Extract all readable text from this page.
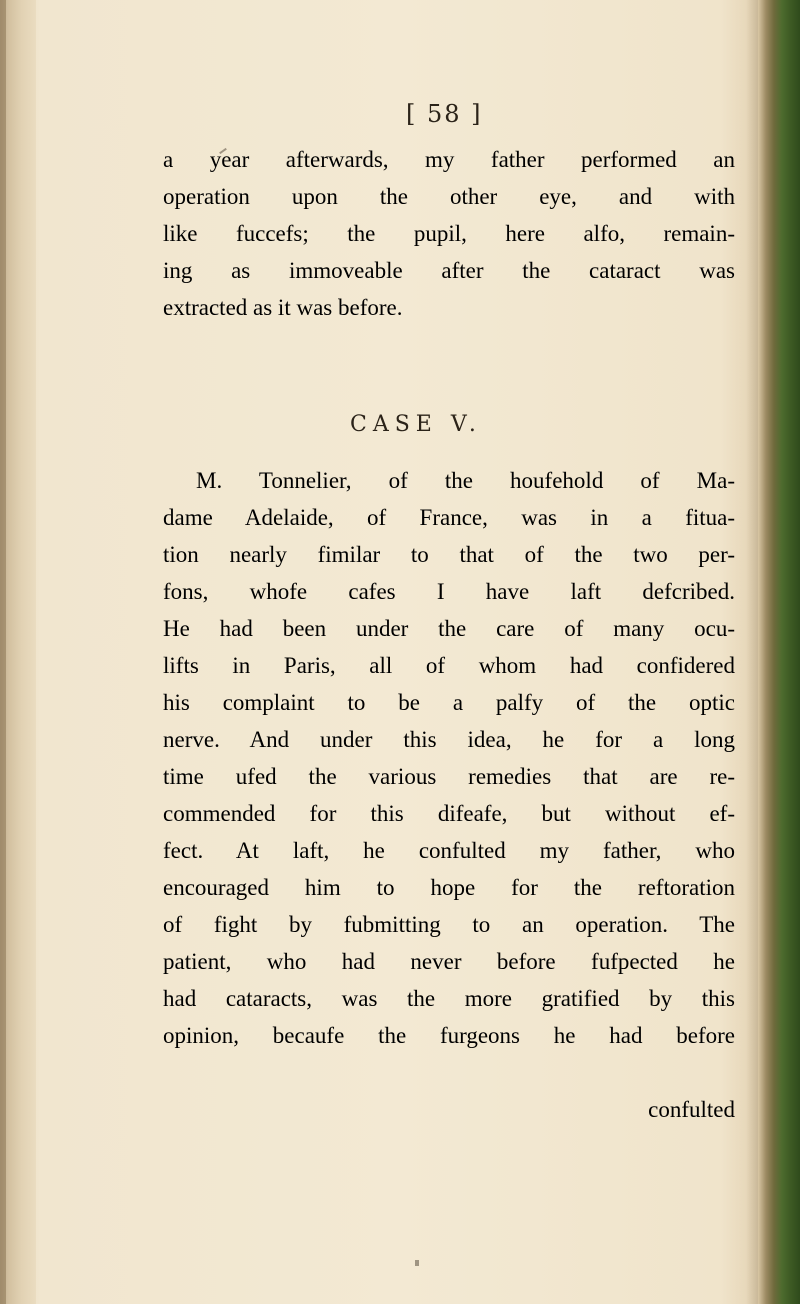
[ 58 ]
a year afterwards, my father performed an
operation upon the other eye, and with
like fuccefs; the pupil, here alfo, remain-
ing as immoveable after the cataract was
extracted as it was before.
CASE V.
M. Tonnelier, of the houfehold of Ma-
dame Adelaide, of France, was in a fitua-
tion nearly fimilar to that of the two per-
fons, whofe cafes I have laft defcribed.
He had been under the care of many ocu-
lifts in Paris, all of whom had confidered
his complaint to be a palfy of the optic
nerve. And under this idea, he for a long
time ufed the various remedies that are re-
commended for this difeafe, but without ef-
fect. At laft, he confulted my father, who
encouraged him to hope for the reftoration
of fight by fubmitting to an operation. The
patient, who had never before fufpected he
had cataracts, was the more gratified by this
opinion, becaufe the furgeons he had before
confulted
